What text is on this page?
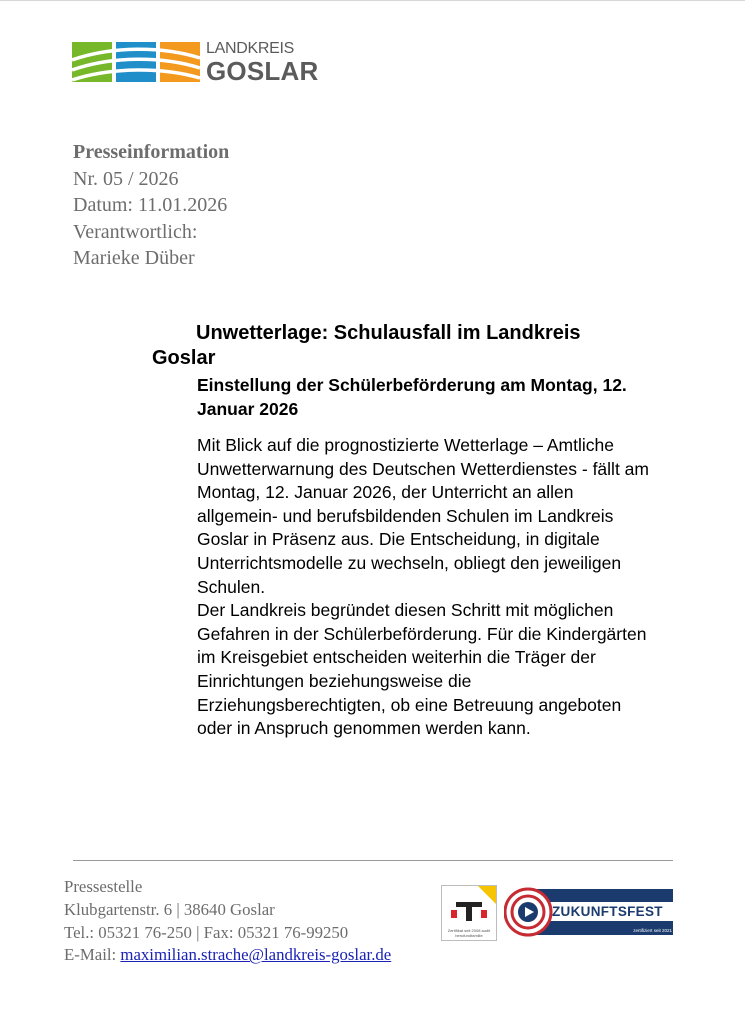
LANDKREIS
GOSLAR
Presseinformation
Nr. 05 / 2026
Datum: 11.01.2026
Verantwortlich:
Marieke Düber
Unwetterlage: Schulausfall im Landkreis
Goslar
Einstellung der Schülerbeförderung am Montag, 12. Januar 2026

Mit Blick auf die prognostizierte Wetterlage – Amtliche Unwetterwarnung des Deutschen Wetterdienstes - fällt am Montag, 12. Januar 2026, der Unterricht an allen allgemein- und berufsbildenden Schulen im Landkreis Goslar in Präsenz aus. Die Entscheidung, in digitale Unterrichtsmodelle zu wechseln, obliegt den jeweiligen Schulen.

Der Landkreis begründet diesen Schritt mit möglichen Gefahren in der Schülerbeförderung. Für die Kindergärten im Kreisgebiet entscheiden weiterhin die Träger der Einrichtungen beziehungsweise die Erziehungsberechtigten, ob eine Betreuung angeboten oder in Anspruch genommen werden kann.

Pressestelle
Klubgartenstr. 6 | 38640 Goslar
Tel.: 05321 76-250 | Fax: 05321 76-99250
E-Mail: maximilian.strache@landkreis-goslar.de
Zertifikat seit 2008 audit berufundfamilie
ZUKUNFTSFEST
zertifiziert seit 2021
